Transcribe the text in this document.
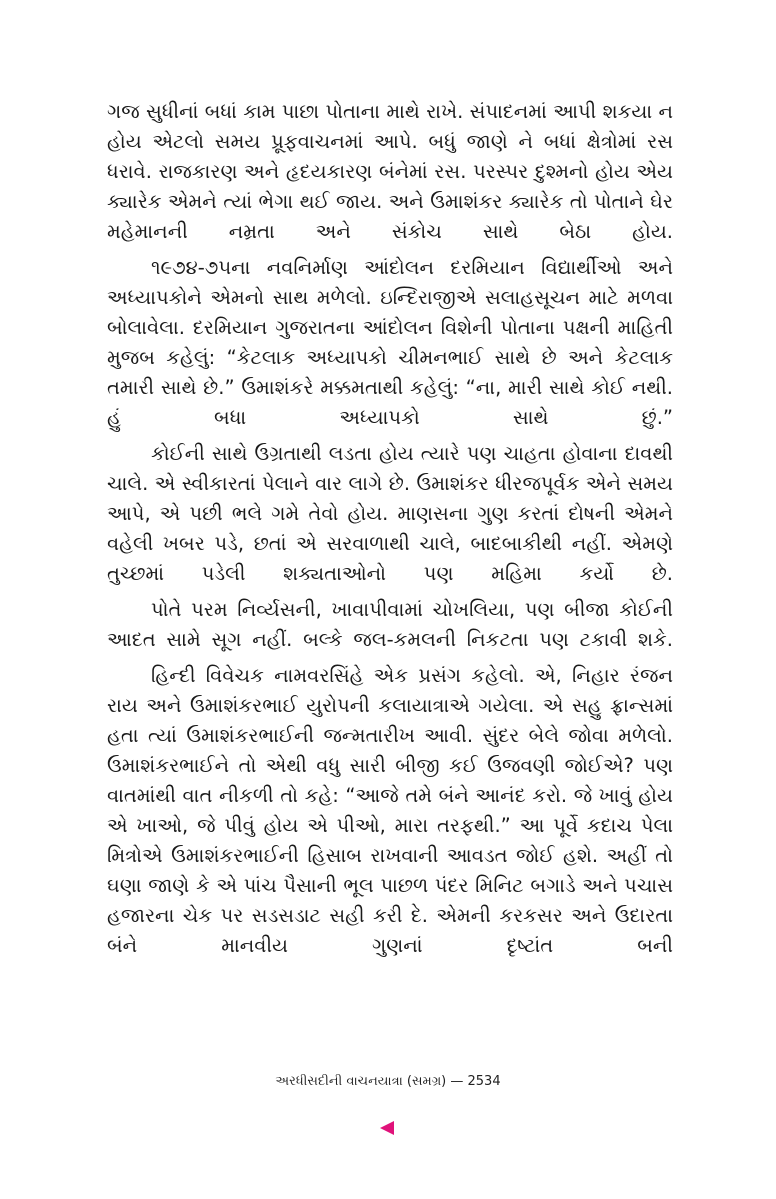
ગજ સુધીનાં બધાં કામ પાછા પોતાના માથે રાખે. સંપાદનમાં આપી શકયા ન હોય એટલો સમય પ્રૂફવાચનમાં આપે. બધું જાણે ને બધાં ક્ષેત્રોમાં રસ ધરાવે. રાજકારણ અને હૃદયકારણ બંનેમાં રસ. પરસ્પર દુશ્મનો હોય એય ક્યારેક એમને ત્યાં ભેગા થઈ જાય. અને ઉમાશંકર ક્યારેક તો પોતાને ઘેર મહેમાનની નમ્રતા અને સંકોચ સાથે બેઠા હોય.

૧૯૭૪-૭૫ના નવનિર્માણ આંદોલન દરમિયાન વિદ્યાર્થીઓ અને અધ્યાપકોને એમનો સાથ મળેલો. ઇન્દિરાજીએ સલાહસૂચન માટે મળવા બોલાવેલા. દરમિયાન ગુજરાતના આંદોલન વિશેની પોતાના પક્ષની માહિતી મુજબ કહેલું: “કેટલાક અધ્યાપકો ચીમનભાઈ સાથે છે અને કેટલાક તમારી સાથે છે.” ઉમાશંકરે મક્કમતાથી કહેલું: “ના, મારી સાથે કોઈ નથી. હું બધા અધ્યાપકો સાથે છું.”

કોઈની સાથે ઉગ્રતાથી લડતા હોય ત્યારે પણ ચાહતા હોવાના દાવથી ચાલે. એ સ્વીકારતાં પેલાને વાર લાગે છે. ઉમાશંકર ધીરજપૂર્વક એને સમય આપે, એ પછી ભલે ગમે તેવો હોય. માણસના ગુણ કરતાં દોષની એમને વહેલી ખબર પડે, છતાં એ સરવાળાથી ચાલે, બાદબાકીથી નહીં. એમણે તુચ્છમાં પડેલી શક્યતાઓનો પણ મહિમા કર્યો છે.

પોતે પરમ નિર્વ્યસની, ખાવાપીવામાં ચોખલિયા, પણ બીજા કોઈની આદત સામે સૂગ નહીં. બલ્કે જલ-કમલની નિકટતા પણ ટકાવી શકે.

હિન્દી વિવેચક નામવરસિંહે એક પ્રસંગ કહેલો. એ, નિહાર રંજન રાય અને ઉમાશંકરભાઈ યુરોપની કલાયાત્રાએ ગયેલા. એ સહુ ફ્રાન્સમાં હતા ત્યાં ઉમાશંકરભાઈની જન્મતારીખ આવી. સુંદર બેલે જોવા મળેલો. ઉમાશંકરભાઈને તો એથી વધુ સારી બીજી કઈ ઉજવણી જોઈએ? પણ વાતમાંથી વાત નીકળી તો કહે: “આજે તમે બંને આનંદ કરો. જે ખાવું હોય એ ખાઓ, જે પીવું હોય એ પીઓ, મારા તરફથી.” આ પૂર્વે કદાચ પેલા મિત્રોએ ઉમાશંકરભાઈની હિસાબ રાખવાની આવડત જોઈ હશે. અહીં તો ઘણા જાણે કે એ પાંચ પૈસાની ભૂલ પાછળ પંદર મિનિટ બગાડે અને પચાસ હજારના ચેક પર સડસડાટ સહી કરી દે. એમની કરકસર અને ઉદારતા બંને માનવીય ગુણનાં દૃષ્ટાંત બની

અરધીસદીની વાચનયાત્રા (સમગ્ર) — 2534
